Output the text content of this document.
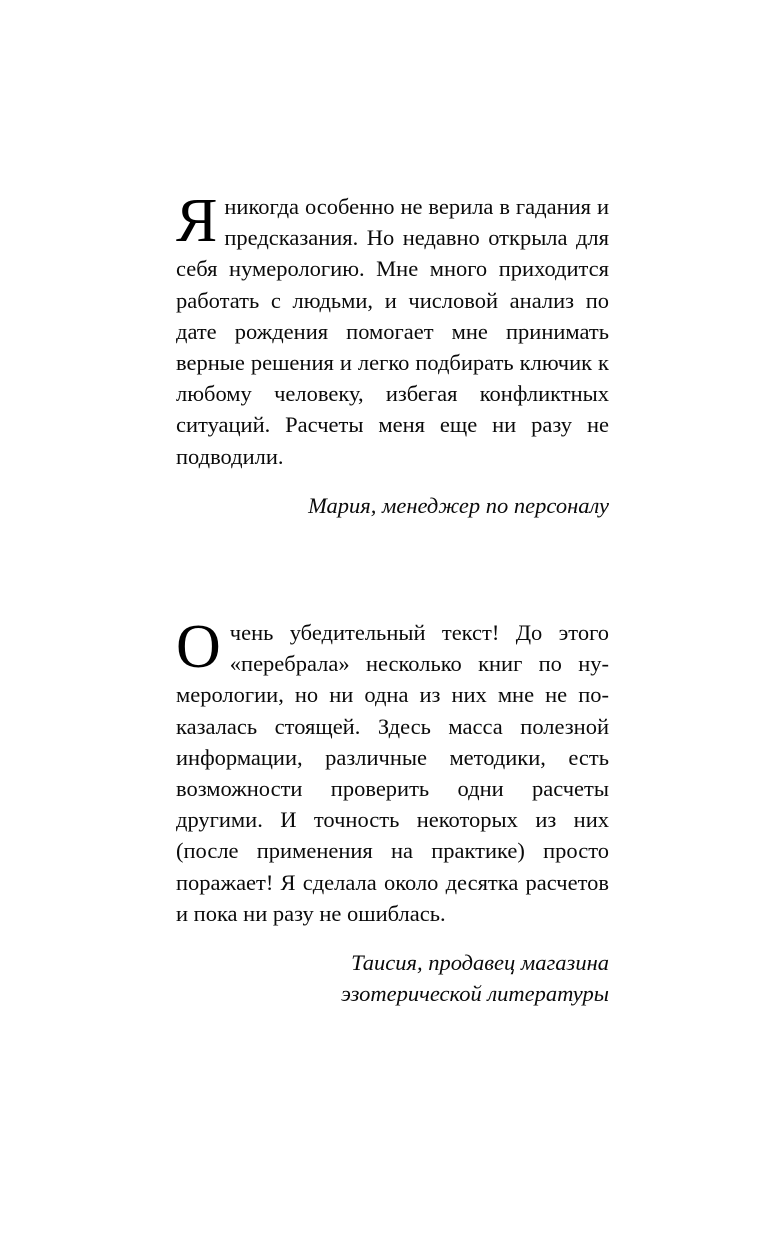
Яникогда особенно не верила в гадания и предсказания. Но недавно открыла для себя нумерологию. Мне много приходится работать с людьми, и числовой анализ по дате рождения помогает мне принимать верные решения и легко подбирать ключик к любому человеку, избегая конфликтных ситуаций. Расчеты меня еще ни разу не подводили.

Мария, менеджер по персоналу

Очень убедительный текст! До этого «перебрала» несколько книг по нумерологии, но ни одна из них мне не показалась стоящей. Здесь масса полезной информации, различные методики, есть возможности проверить одни расчеты другими. И точность некоторых из них (после применения на практике) просто поражает! Я сделала около десятка расчетов и пока ни разу не ошиблась.

Таисия, продавец магазина
эзотерической литературы
